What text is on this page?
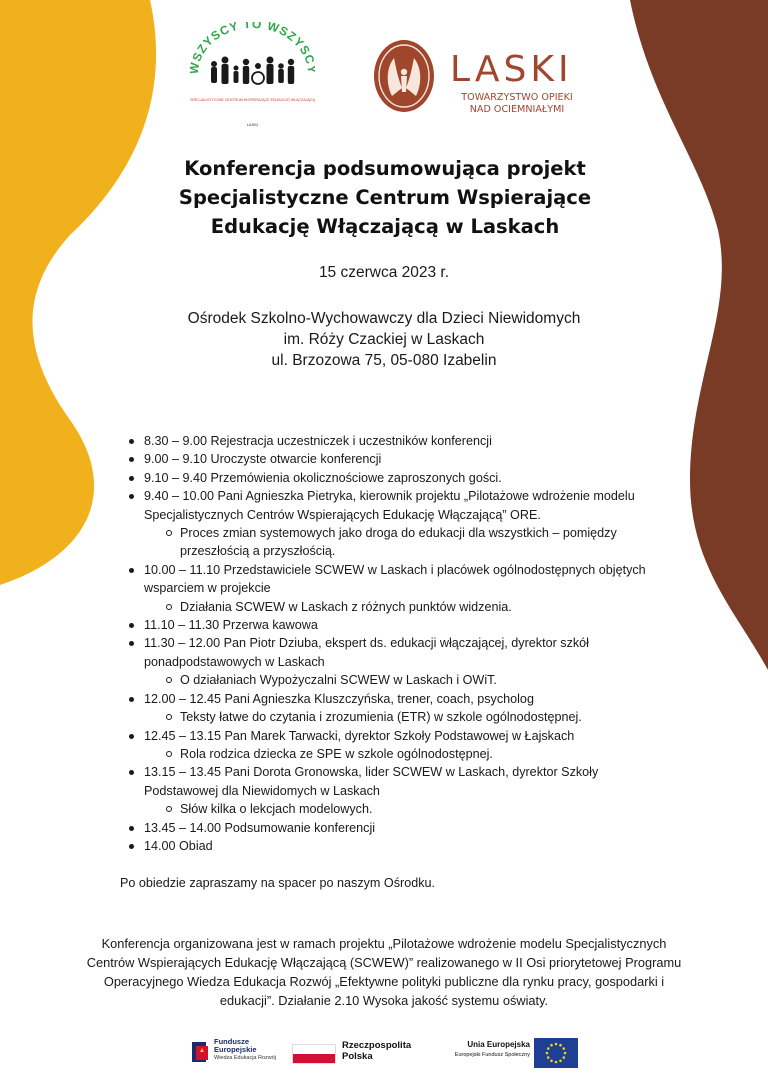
SZYSCY TO WSZYS
SPECJALISTYCZNE CENTRUM WSPIERAJĄCE EDUKACJĘ WŁĄCZAJĄCĄ
LASKI
LASKI
TOWARZYSTWO OPIEKI
NAD OCIEMNIAŁYMI
Konferencja podsumowująca projekt
Specjalistyczne Centrum Wspierające
Edukację Włączającą w Laskach

15 czerwca 2023 r.

Ośrodek Szkolno-Wychowawczy dla Dzieci Niewidomych
im. Róży Czackiej w Laskach
ul. Brzozowa 75, 05-080 Izabelin

8.30 – 9.00 Rejestracja uczestniczek i uczestników konferencji
9.00 – 9.10 Uroczyste otwarcie konferencji
9.10 – 9.40 Przemówienia okolicznościowe zaproszonych gości.
9.40 – 10.00 Pani Agnieszka Pietryka, kierownik projektu „Pilotażowe wdrożenie modelu Specjalistycznych Centrów Wspierających Edukację Włączającą” ORE.
Proces zmian systemowych jako droga do edukacji dla wszystkich – pomiędzy przeszłością a przyszłością.
10.00 – 11.10 Przedstawiciele SCWEW w Laskach i placówek ogólnodostępnych objętych wsparciem w projekcie
Działania SCWEW w Laskach z różnych punktów widzenia.
11.10 – 11.30 Przerwa kawowa
11.30 – 12.00 Pan Piotr Dziuba, ekspert ds. edukacji włączającej, dyrektor szkół ponadpodstawowych w Laskach
O działaniach Wypożyczalni SCWEW w Laskach i OWiT.
12.00 – 12.45 Pani Agnieszka Kluszczyńska, trener, coach, psycholog
Teksty łatwe do czytania i zrozumienia (ETR) w szkole ogólnodostępnej.
12.45 – 13.15 Pan Marek Tarwacki, dyrektor Szkoły Podstawowej w Łajskach
Rola rodzica dziecka ze SPE w szkole ogólnodostępnej.
13.15 – 13.45 Pani Dorota Gronowska, lider SCWEW w Laskach, dyrektor Szkoły Podstawowej dla Niewidomych w Laskach
Słów kilka o lekcjach modelowych.
13.45 – 14.00 Podsumowanie konferencji
14.00 Obiad

Po obiedzie zapraszamy na spacer po naszym Ośrodku.

Konferencja organizowana jest w ramach projektu „Pilotażowe wdrożenie modelu Specjalistycznych
Centrów Wspierających Edukację Włączającą (SCWEW)” realizowanego w II Osi priorytetowej Programu
Operacyjnego Wiedza Edukacja Rozwój „Efektywne polityki publiczne dla rynku pracy, gospodarki i
edukacji”. Działanie 2.10 Wysoka jakość systemu oświaty.

Fundusze
Europejskie
Wiedza Edukacja Rozwój
Rzeczpospolita
Polska
Unia Europejska
Europejski Fundusz Społeczny
